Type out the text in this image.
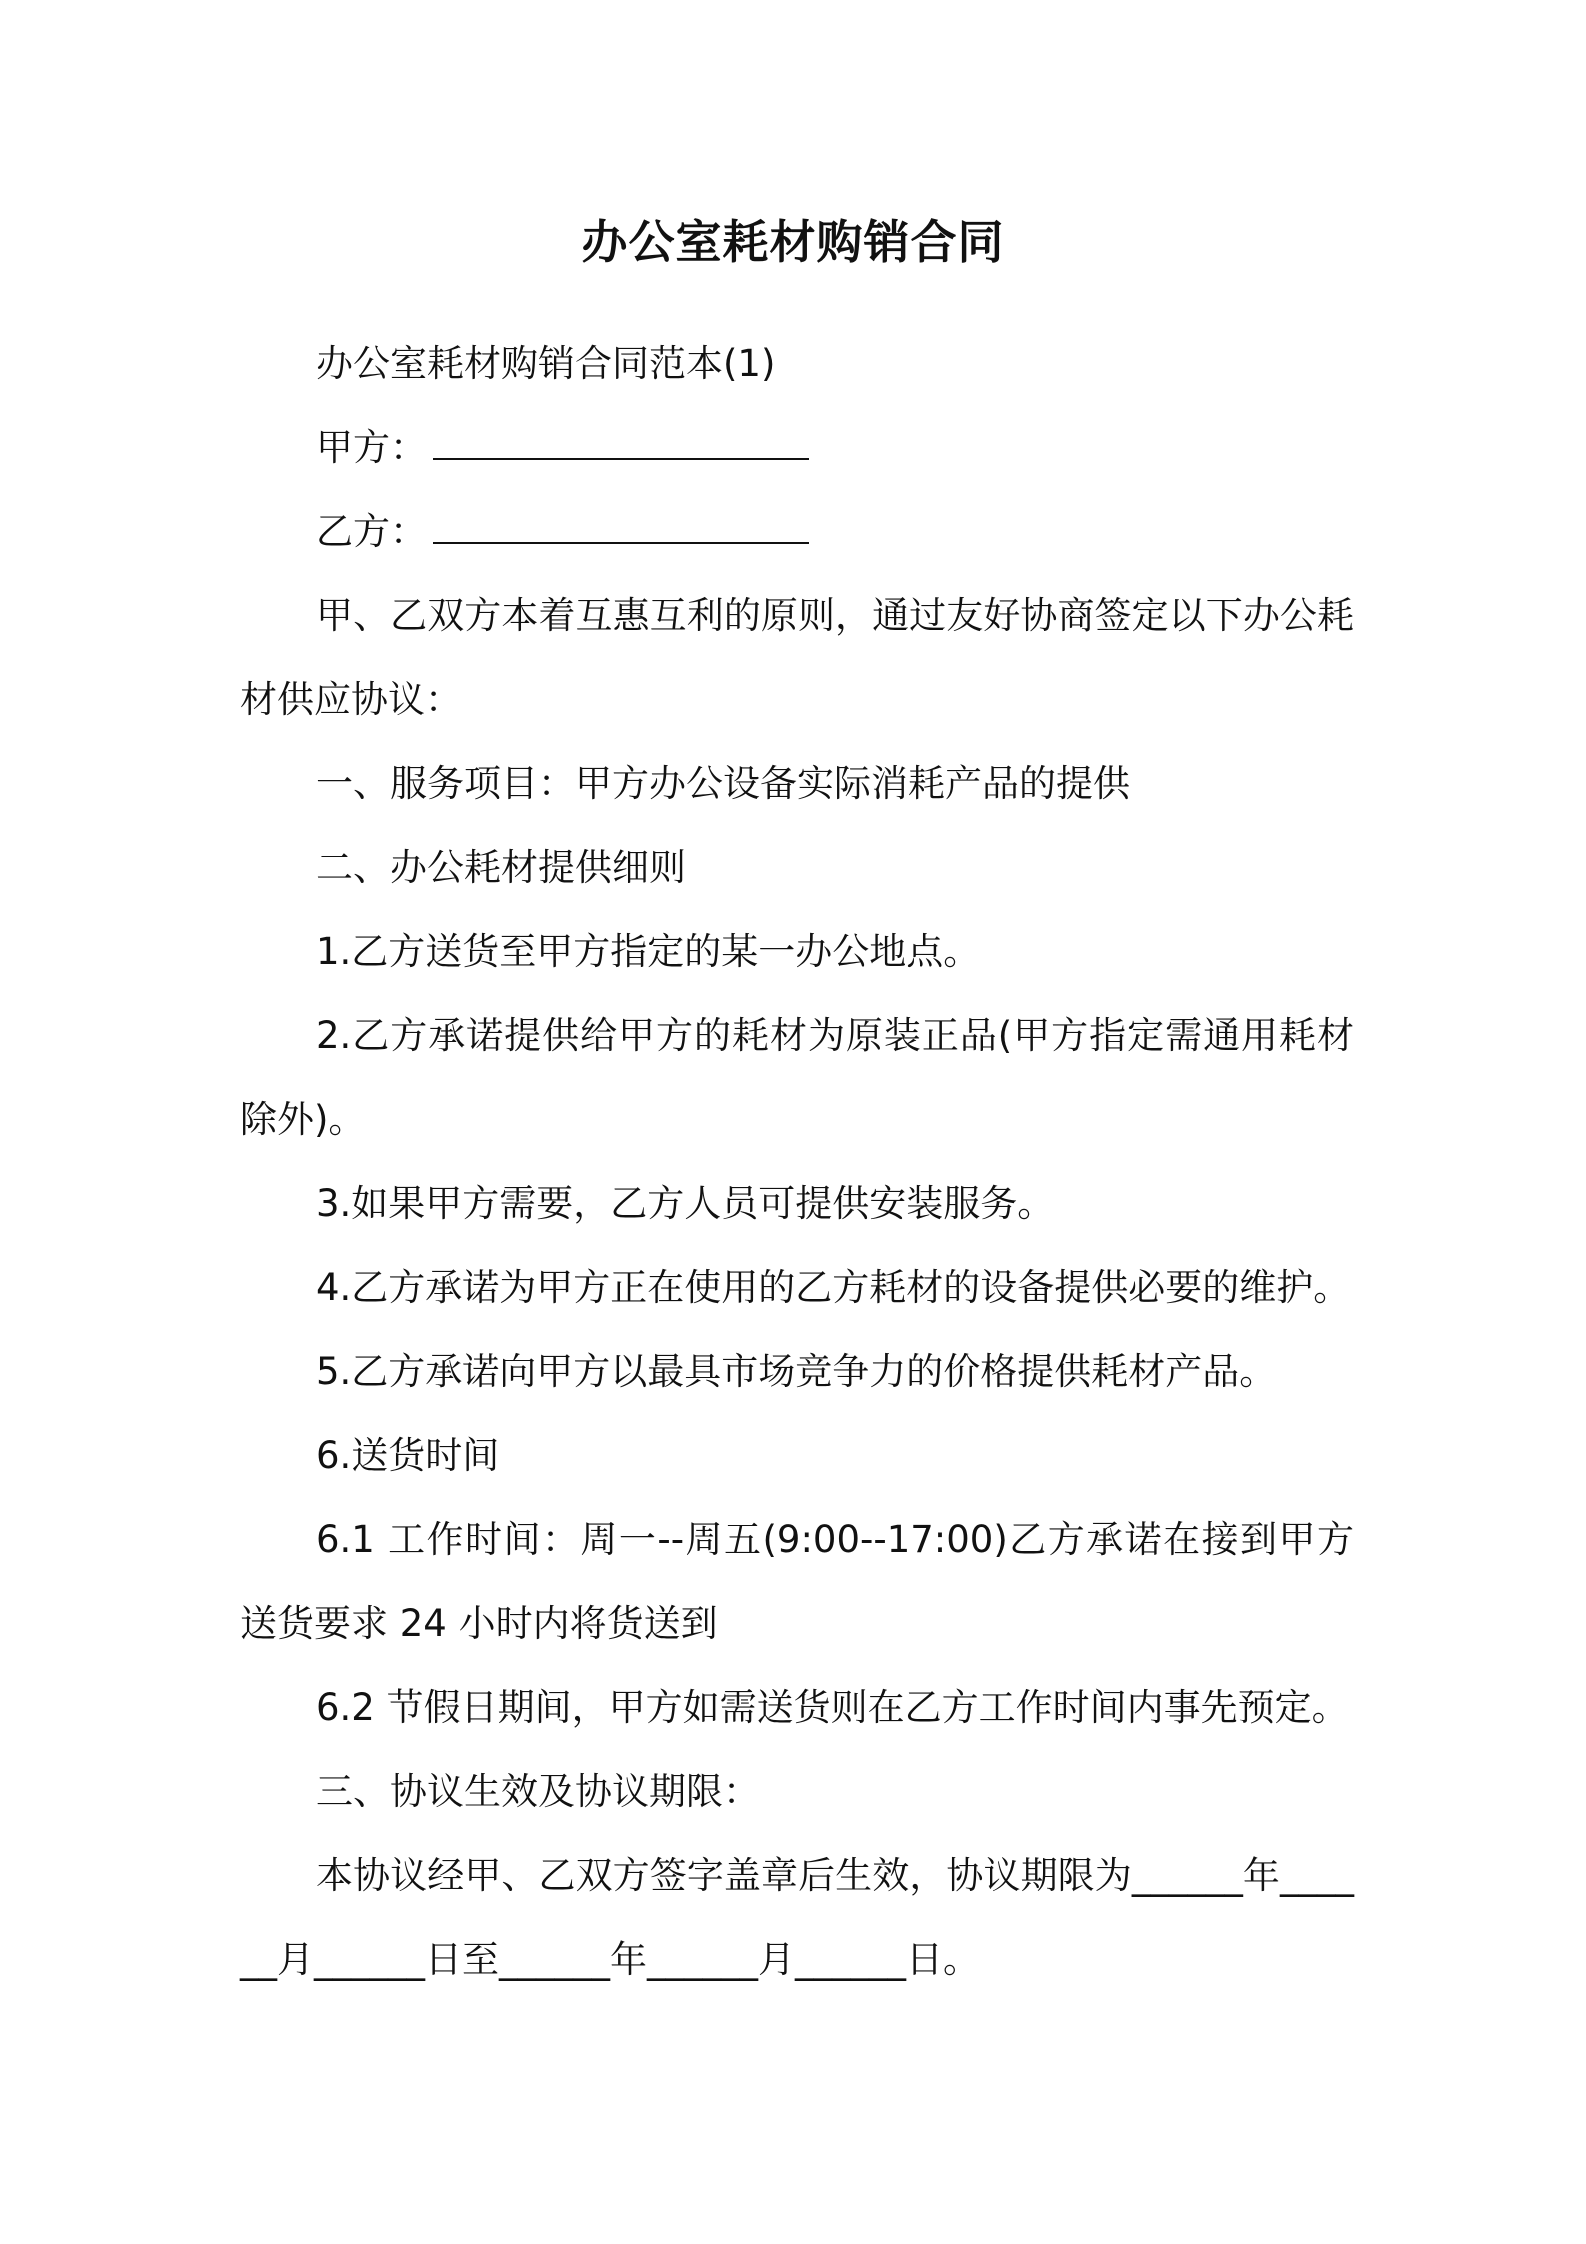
办公室耗材购销合同

办公室耗材购销合同范本(1)

甲方：

乙方：

甲、乙双方本着互惠互利的原则，通过友好协商签定以下办公耗材供应协议：

一、服务项目：甲方办公设备实际消耗产品的提供

二、办公耗材提供细则

1.乙方送货至甲方指定的某一办公地点。

2.乙方承诺提供给甲方的耗材为原装正品(甲方指定需通用耗材除外)。

3.如果甲方需要，乙方人员可提供安装服务。

4.乙方承诺为甲方正在使用的乙方耗材的设备提供必要的维护。

5.乙方承诺向甲方以最具市场竞争力的价格提供耗材产品。

6.送货时间

6.1 工作时间：周一--周五(9:00--17:00)乙方承诺在接到甲方送货要求 24 小时内将货送到

6.2 节假日期间，甲方如需送货则在乙方工作时间内事先预定。

三、协议生效及协议期限：

本协议经甲、乙双方签字盖章后生效，协议期限为______年______月______日至______年______月______日。
